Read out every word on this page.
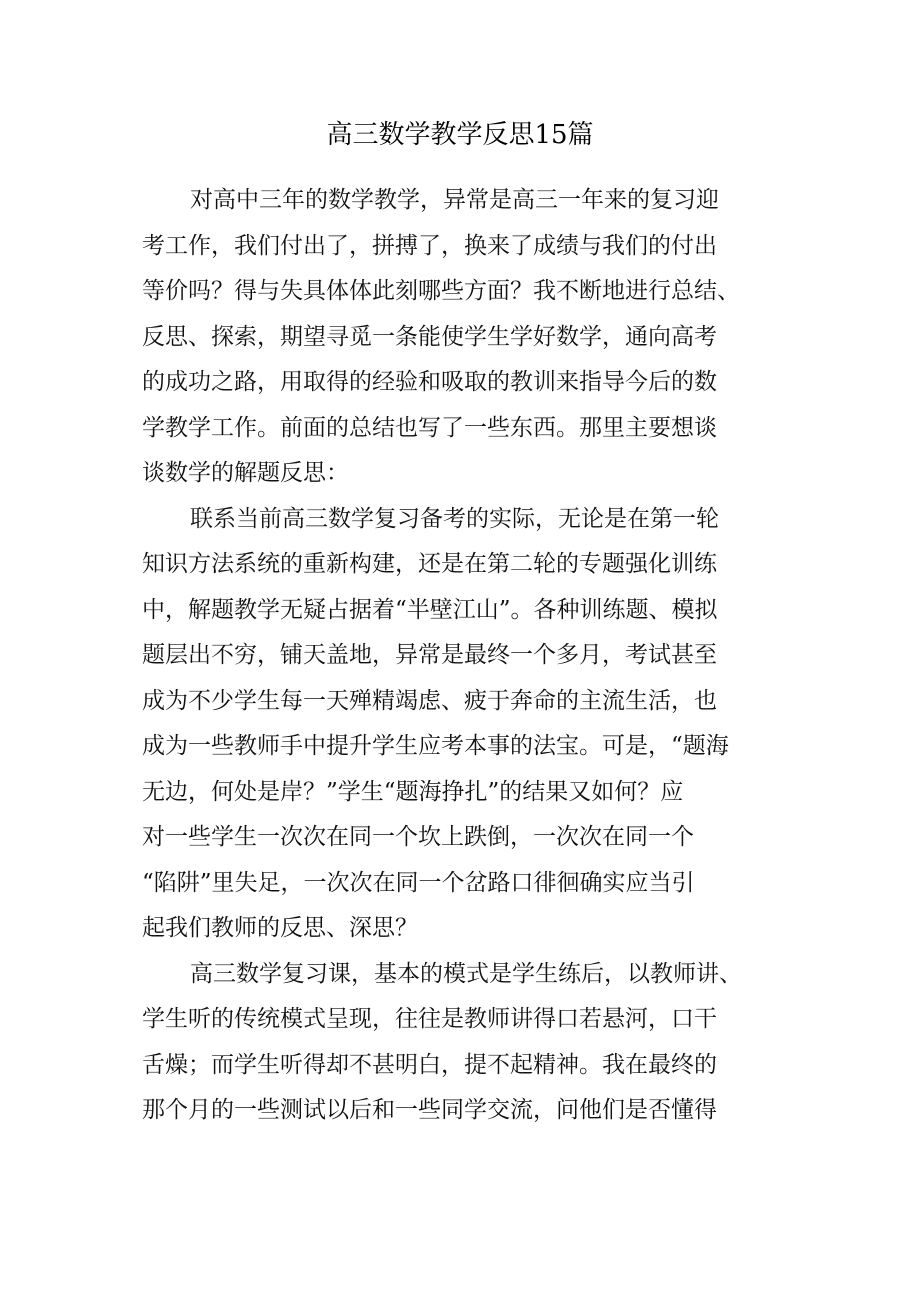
高三数学教学反思15篇
对高中三年的数学教学，异常是高三一年来的复习迎
考工作，我们付出了，拼搏了，换来了成绩与我们的付出
等价吗？得与失具体体此刻哪些方面？我不断地进行总结、
反思、探索，期望寻觅一条能使学生学好数学，通向高考
的成功之路，用取得的经验和吸取的教训来指导今后的数
学教学工作。前面的总结也写了一些东西。那里主要想谈
谈数学的解题反思：
联系当前高三数学复习备考的实际，无论是在第一轮
知识方法系统的重新构建，还是在第二轮的专题强化训练
中，解题教学无疑占据着“半壁江山”。各种训练题、模拟
题层出不穷，铺天盖地，异常是最终一个多月，考试甚至
成为不少学生每一天殚精竭虑、疲于奔命的主流生活，也
成为一些教师手中提升学生应考本事的法宝。可是，“题海
无边，何处是岸？”学生“题海挣扎”的结果又如何？应
对一些学生一次次在同一个坎上跌倒，一次次在同一个
“陷阱”里失足，一次次在同一个岔路口徘徊确实应当引
起我们教师的反思、深思？
高三数学复习课，基本的模式是学生练后，以教师讲、
学生听的传统模式呈现，往往是教师讲得口若悬河，口干
舌燥；而学生听得却不甚明白，提不起精神。我在最终的
那个月的一些测试以后和一些同学交流，问他们是否懂得
